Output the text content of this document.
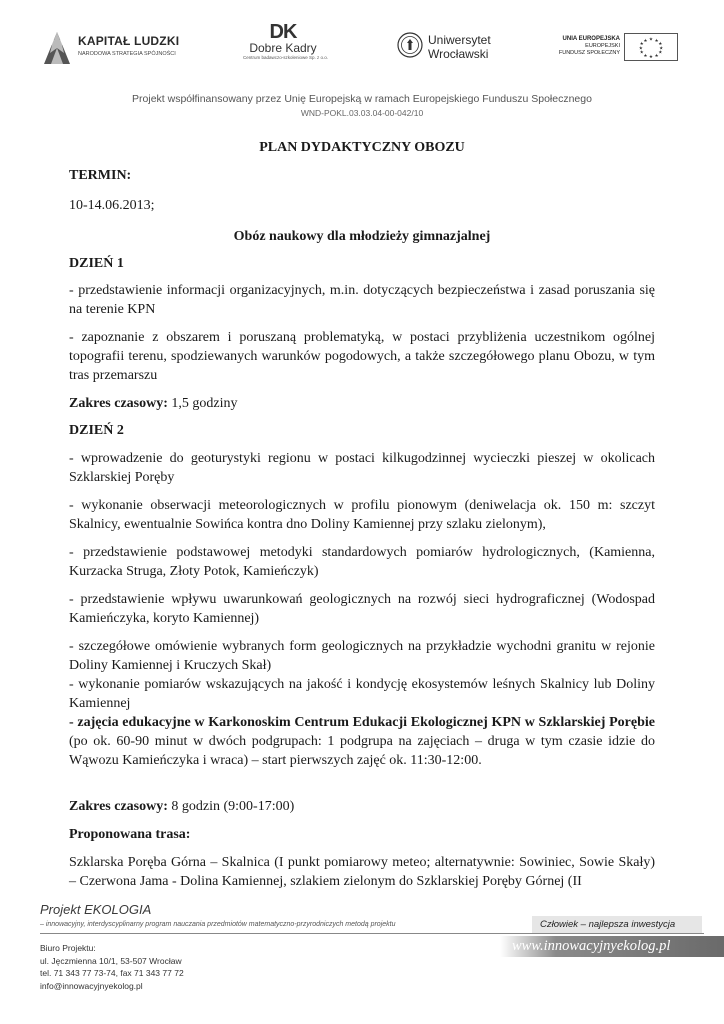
KAPITAŁ LUDZKI
NARODOWA STRATEGIA SPÓJNOŚCI
DK
Dobre Kadry
Centrum badawczo-szkoleniowe Sp. z o.o.
Uniwersytet
Wrocławski
UNIA EUROPEJSKA
EUROPEJSKI
FUNDUSZ SPOŁECZNY
★ ★
★
★
★
★
★
★
★
★
★
★
Projekt współfinansowany przez Unię Europejską w ramach Europejskiego Funduszu Społecznego
WND-POKL.03.03.04-00-042/10

PLAN DYDAKTYCZNY OBOZU

TERMIN:

10-14.06.2013;

Obóz naukowy dla młodzieży gimnazjalnej

DZIEŃ 1

- przedstawienie informacji organizacyjnych, m.in. dotyczących bezpieczeństwa i zasad poruszania się na terenie KPN

- zapoznanie z obszarem i poruszaną problematyką, w postaci przybliżenia uczestnikom ogólnej topografii terenu, spodziewanych warunków pogodowych, a także szczegółowego planu Obozu, w tym tras przemarszu

Zakres czasowy: 1,5 godziny

DZIEŃ 2

- wprowadzenie do geoturystyki regionu w postaci kilkugodzinnej wycieczki pieszej w okolicach Szklarskiej Poręby

- wykonanie obserwacji meteorologicznych w profilu pionowym (deniwelacja ok. 150 m: szczyt Skalnicy, ewentualnie Sowińca kontra dno Doliny Kamiennej przy szlaku zielonym),

- przedstawienie podstawowej metodyki standardowych pomiarów hydrologicznych, (Kamienna, Kurzacka Struga, Złoty Potok, Kamieńczyk)

- przedstawienie wpływu uwarunkowań geologicznych na rozwój sieci hydrograficznej (Wodospad Kamieńczyka, koryto Kamiennej)

- szczegółowe omówienie wybranych form geologicznych na przykładzie wychodni granitu w rejonie Doliny Kamiennej i Kruczych Skał)

- wykonanie pomiarów wskazujących na jakość i kondycję ekosystemów leśnych Skalnicy lub Doliny Kamiennej

- zajęcia edukacyjne w Karkonoskim Centrum Edukacji Ekologicznej KPN w Szklarskiej Porębie (po ok. 60-90 minut w dwóch podgrupach: 1 podgrupa na zajęciach – druga w tym czasie idzie do Wąwozu Kamieńczyka i wraca) – start pierwszych zajęć ok. 11:30-12:00.

Zakres czasowy: 8 godzin (9:00-17:00)

Proponowana trasa:

Szklarska Poręba Górna – Skalnica (I punkt pomiarowy meteo; alternatywnie: Sowiniec, Sowie Skały) – Czerwona Jama - Dolina Kamiennej, szlakiem zielonym do Szklarskiej Poręby Górnej (II

Projekt EKOLOGIA
– innowacyjny, interdyscyplinarny program nauczania przedmiotów matematyczno-przyrodniczych metodą projektu	Człowiek – najlepsza inwestycja
www.innowacyjnyekolog.pl
Biuro Projektu:
ul. Jęczmienna 10/1, 53-507 Wrocław
tel. 71 343 77 73-74, fax 71 343 77 72
info@innowacyjnyekolog.pl
